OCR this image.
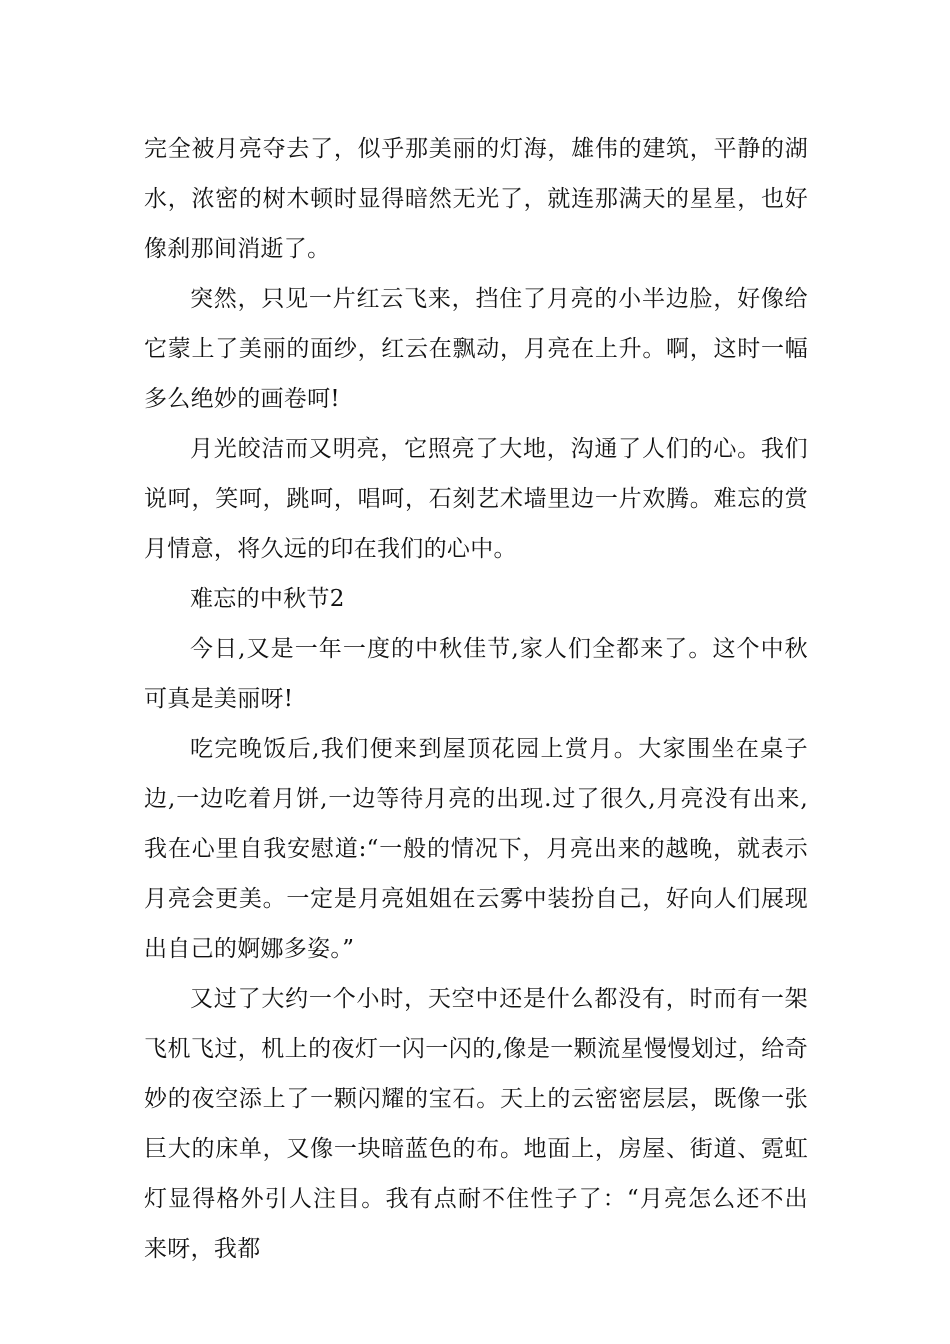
完全被月亮夺去了，似乎那美丽的灯海，雄伟的建筑，平静的湖水，浓密的树木顿时显得暗然无光了，就连那满天的星星，也好像刹那间消逝了。

突然，只见一片红云飞来，挡住了月亮的小半边脸，好像给它蒙上了美丽的面纱，红云在飘动，月亮在上升。啊，这时一幅多么绝妙的画卷呵!

月光皎洁而又明亮，它照亮了大地，沟通了人们的心。我们说呵，笑呵，跳呵，唱呵，石刻艺术墙里边一片欢腾。难忘的赏月情意，将久远的印在我们的心中。

难忘的中秋节2

今日,又是一年一度的中秋佳节,家人们全都来了。这个中秋可真是美丽呀!

吃完晚饭后,我们便来到屋顶花园上赏月。大家围坐在桌子边,一边吃着月饼,一边等待月亮的出现.过了很久,月亮没有出来,我在心里自我安慰道:“一般的情况下，月亮出来的越晚，就表示月亮会更美。一定是月亮姐姐在云雾中装扮自己，好向人们展现出自己的婀娜多姿。”

又过了大约一个小时，天空中还是什么都没有，时而有一架飞机飞过，机上的夜灯一闪一闪的,像是一颗流星慢慢划过，给奇妙的夜空添上了一颗闪耀的宝石。天上的云密密层层，既像一张巨大的床单，又像一块暗蓝色的布。地面上，房屋、街道、霓虹灯显得格外引人注目。我有点耐不住性子了：“月亮怎么还不出来呀，我都
